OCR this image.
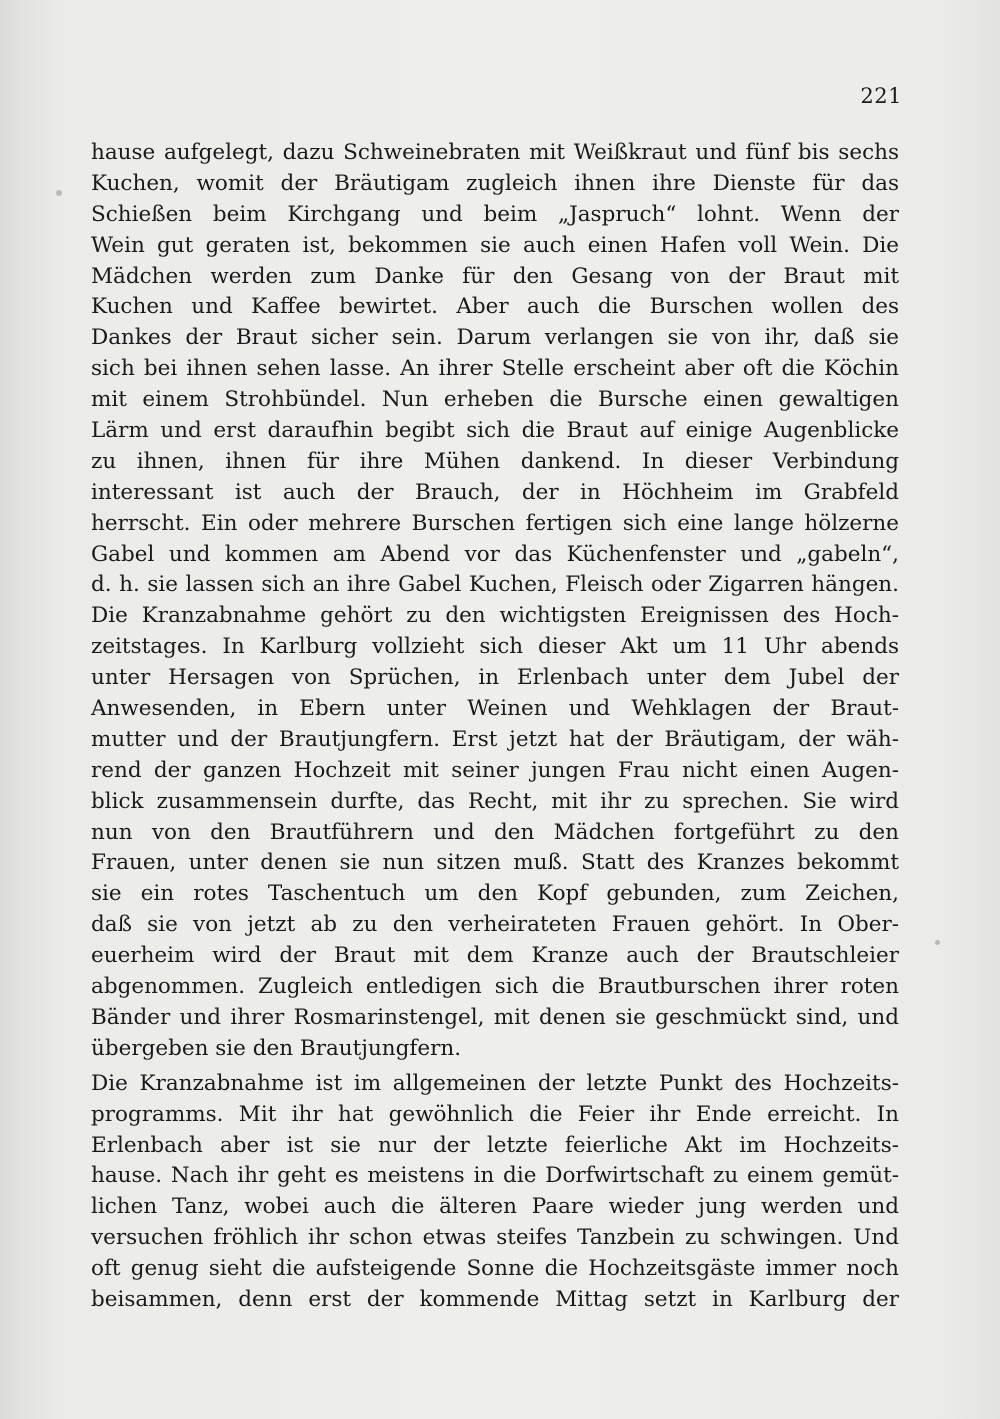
221
hause aufgelegt, dazu Schweinebraten mit Weißkraut und fünf bis sechs
Kuchen, womit der Bräutigam zugleich ihnen ihre Dienste für das
Schießen beim Kirchgang und beim „Jaspruch“ lohnt. Wenn der
Wein gut geraten ist, bekommen sie auch einen Hafen voll Wein. Die
Mädchen werden zum Danke für den Gesang von der Braut mit
Kuchen und Kaffee bewirtet. Aber auch die Burschen wollen des
Dankes der Braut sicher sein. Darum verlangen sie von ihr, daß sie
sich bei ihnen sehen lasse. An ihrer Stelle erscheint aber oft die Köchin
mit einem Strohbündel. Nun erheben die Bursche einen gewaltigen
Lärm und erst daraufhin begibt sich die Braut auf einige Augenblicke
zu ihnen, ihnen für ihre Mühen dankend. In dieser Verbindung
interessant ist auch der Brauch, der in Höchheim im Grabfeld
herrscht. Ein oder mehrere Burschen fertigen sich eine lange hölzerne
Gabel und kommen am Abend vor das Küchenfenster und „gabeln“,
d. h. sie lassen sich an ihre Gabel Kuchen, Fleisch oder Zigarren hängen.
Die Kranzabnahme gehört zu den wichtigsten Ereignissen des Hoch-
zeitstages. In Karlburg vollzieht sich dieser Akt um 11 Uhr abends
unter Hersagen von Sprüchen, in Erlenbach unter dem Jubel der
Anwesenden, in Ebern unter Weinen und Wehklagen der Braut-
mutter und der Brautjungfern. Erst jetzt hat der Bräutigam, der wäh-
rend der ganzen Hochzeit mit seiner jungen Frau nicht einen Augen-
blick zusammensein durfte, das Recht, mit ihr zu sprechen. Sie wird
nun von den Brautführern und den Mädchen fortgeführt zu den
Frauen, unter denen sie nun sitzen muß. Statt des Kranzes bekommt
sie ein rotes Taschentuch um den Kopf gebunden, zum Zeichen,
daß sie von jetzt ab zu den verheirateten Frauen gehört. In Ober-
euerheim wird der Braut mit dem Kranze auch der Brautschleier
abgenommen. Zugleich entledigen sich die Brautburschen ihrer roten
Bänder und ihrer Rosmarinstengel, mit denen sie geschmückt sind, und
übergeben sie den Brautjungfern.
Die Kranzabnahme ist im allgemeinen der letzte Punkt des Hochzeits-
programms. Mit ihr hat gewöhnlich die Feier ihr Ende erreicht. In
Erlenbach aber ist sie nur der letzte feierliche Akt im Hochzeits-
hause. Nach ihr geht es meistens in die Dorfwirtschaft zu einem gemüt-
lichen Tanz, wobei auch die älteren Paare wieder jung werden und
versuchen fröhlich ihr schon etwas steifes Tanzbein zu schwingen. Und
oft genug sieht die aufsteigende Sonne die Hochzeitsgäste immer noch
beisammen, denn erst der kommende Mittag setzt in Karlburg der
